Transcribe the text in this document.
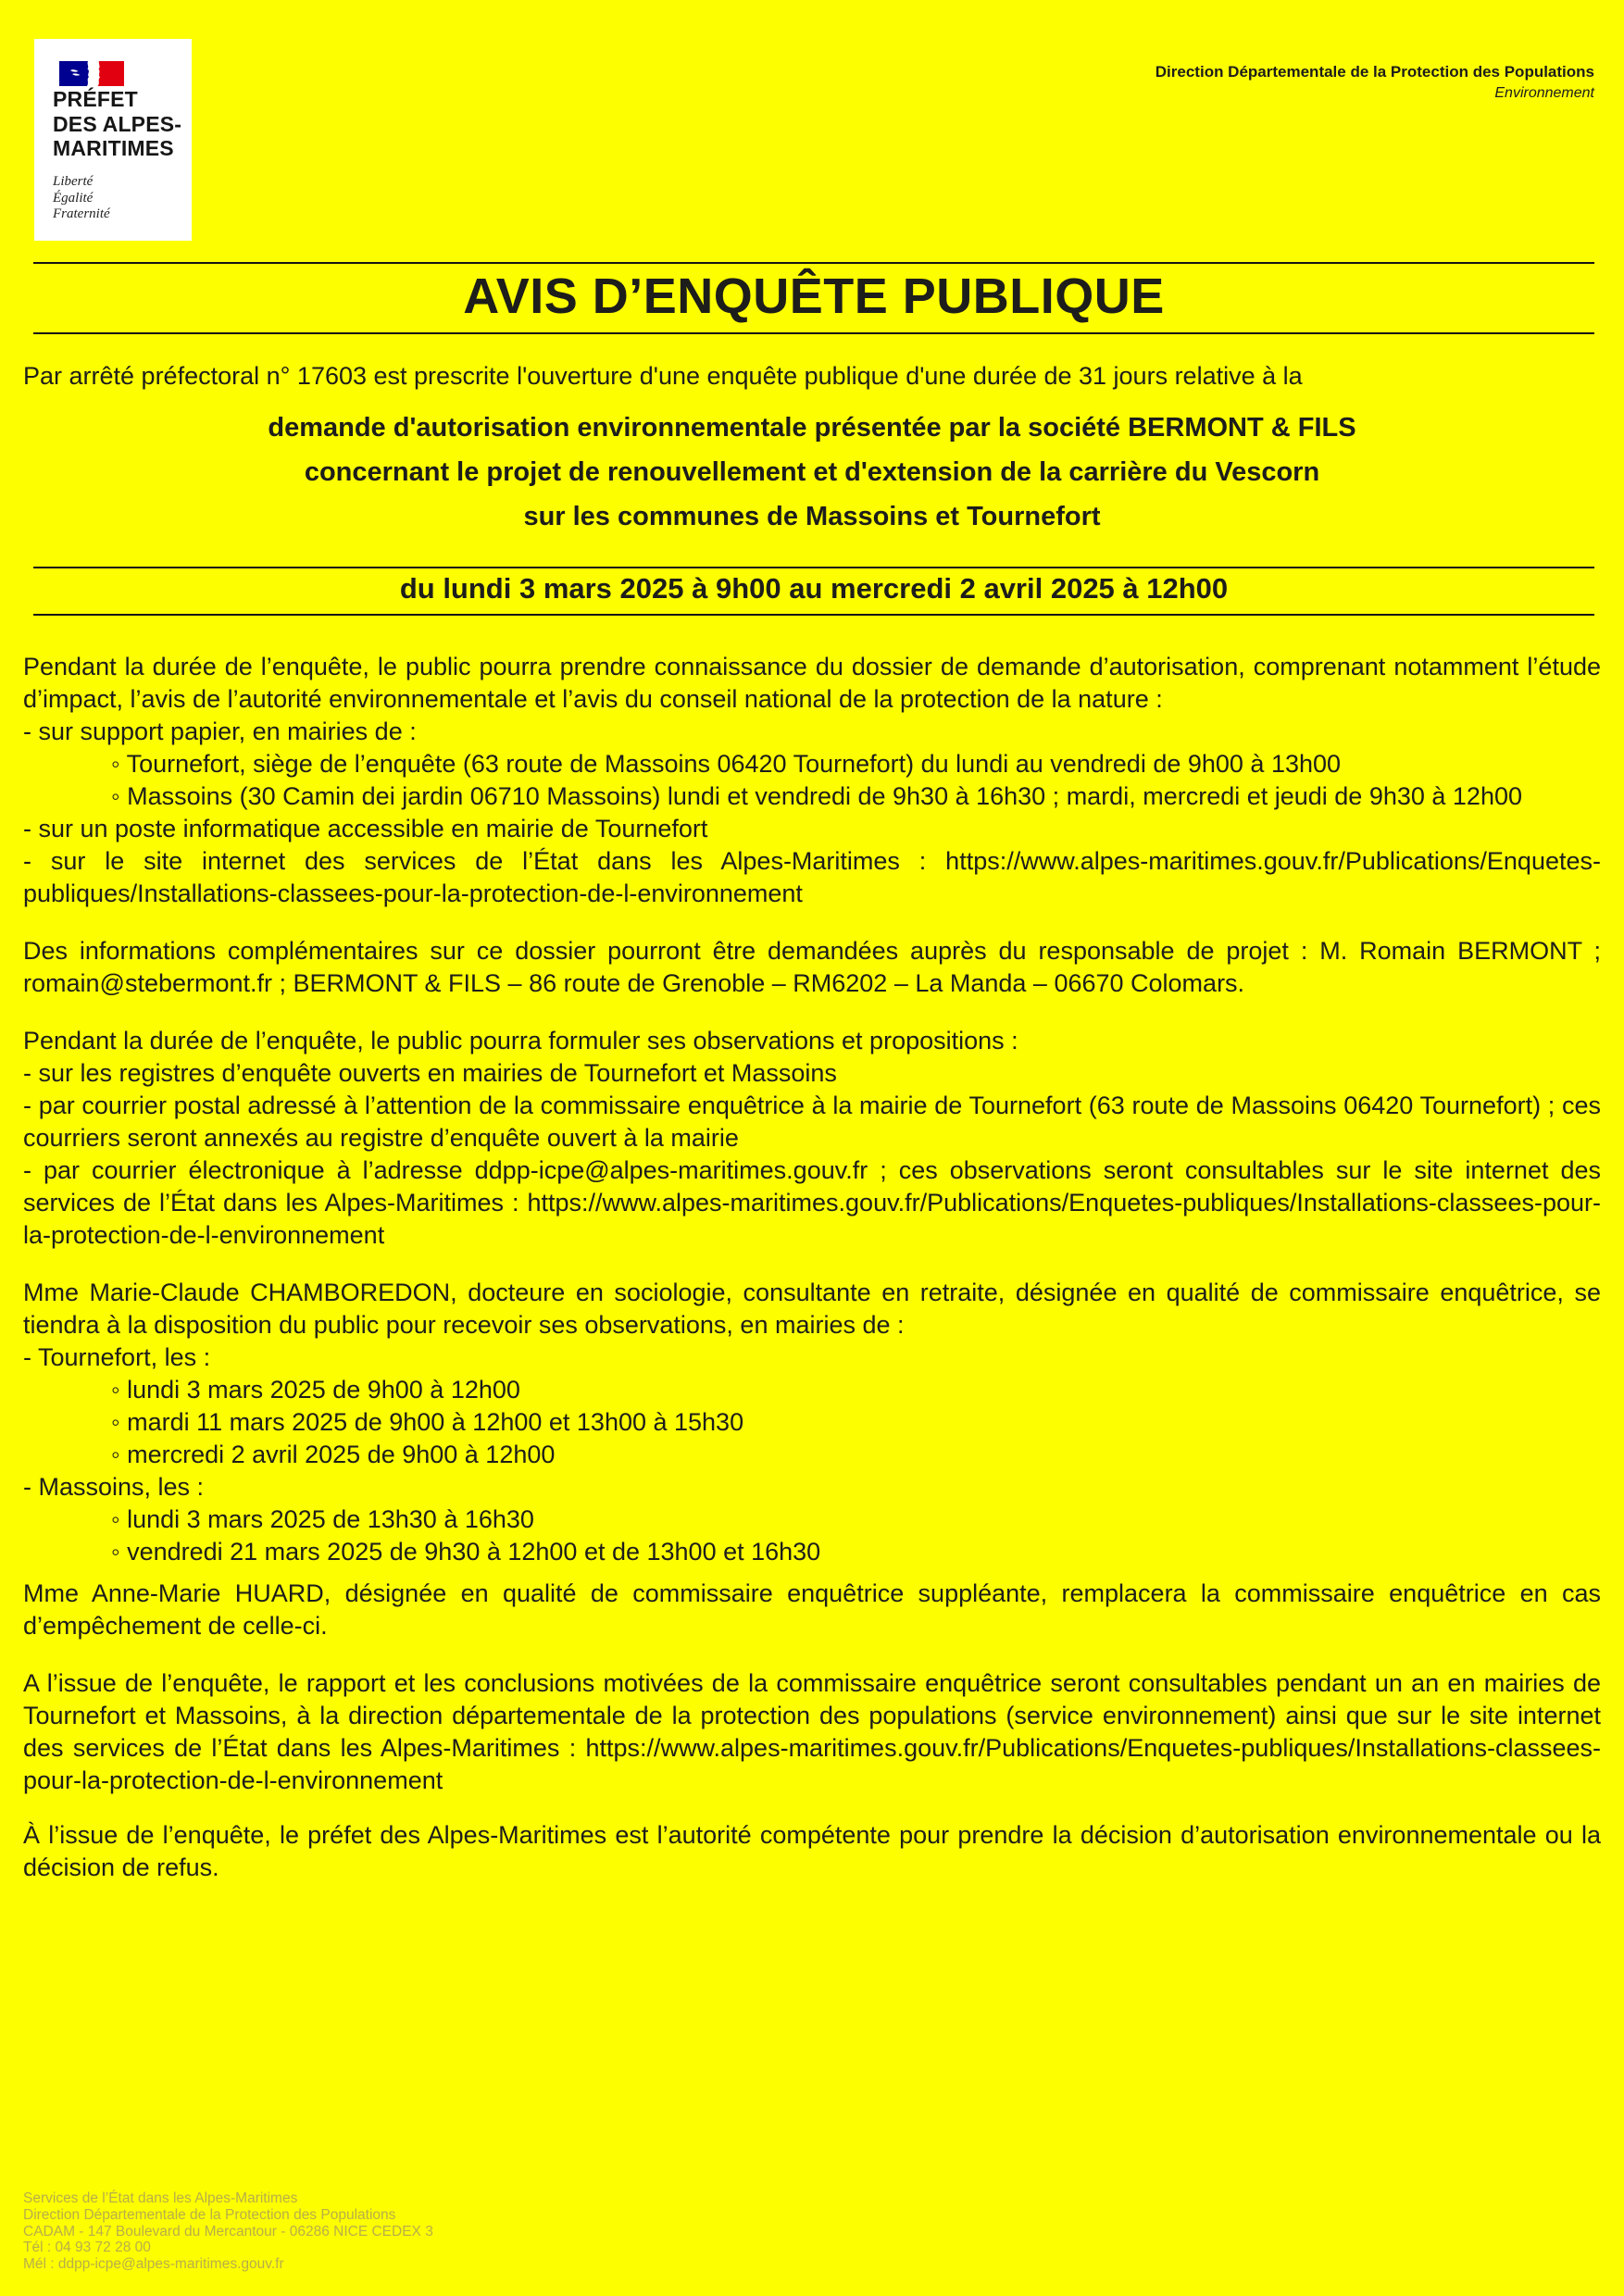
PRÉFET
DES ALPES-
MARITIMES
Liberté
Égalité
Fraternité
Direction Départementale de la Protection des Populations
Environnement
AVIS D’ENQUÊTE PUBLIQUE

Par arrêté préfectoral n° 17603 est prescrite l'ouverture d'une enquête publique d'une durée de 31 jours relative à la

demande d'autorisation environnementale présentée par la société BERMONT & FILS
concernant le projet de renouvellement et d'extension de la carrière du Vescorn
sur les communes de Massoins et Tournefort
du lundi 3 mars 2025 à 9h00 au mercredi 2 avril 2025 à 12h00

Pendant la durée de l’enquête, le public pourra prendre connaissance du dossier de demande d’autorisation, comprenant notamment l’étude d’impact, l’avis de l’autorité environnementale et l’avis du conseil national de la protection de la nature :

- sur support papier, en mairies de :

◦ Tournefort, siège de l’enquête (63 route de Massoins 06420 Tournefort) du lundi au vendredi de 9h00 à 13h00
◦ Massoins (30 Camin dei jardin 06710 Massoins) lundi et vendredi de 9h30 à 16h30 ; mardi, mercredi et jeudi de 9h30 à 12h00

- sur un poste informatique accessible en mairie de Tournefort

- sur le site internet des services de l’État dans les Alpes-Maritimes : https://www.alpes-maritimes.gouv.fr/Publications​/Enquetes-publiques/Installations-classees-pour-la-protection-de-l-environnement

Des informations complémentaires sur ce dossier pourront être demandées auprès du responsable de projet : M. Romain BERMONT ; romain@stebermont.fr ; BERMONT & FILS – 86 route de Grenoble – RM6202 – La Manda – 06670 Colomars.

Pendant la durée de l’enquête, le public pourra formuler ses observations et propositions :

- sur les registres d’enquête ouverts en mairies de Tournefort et Massoins

- par courrier postal adressé à l’attention de la commissaire enquêtrice à la mairie de Tournefort (63 route de Massoins 06420 Tournefort) ; ces courriers seront annexés au registre d’enquête ouvert à la mairie

- par courrier électronique à l’adresse ddpp-icpe@alpes-maritimes.gouv.fr ; ces observations seront consultables sur le site internet des services de l’État dans les Alpes-Maritimes : https://www.alpes-maritimes.gouv.fr/Publications​/Enquetes-publiques/Installations-classees-pour-la-protection-de-l-environnement

Mme Marie-Claude CHAMBOREDON, docteure en sociologie, consultante en retraite, désignée en qualité de commissaire enquêtrice, se tiendra à la disposition du public pour recevoir ses observations, en mairies de :

- Tournefort, les :

◦ lundi 3 mars 2025 de 9h00 à 12h00
◦ mardi 11 mars 2025 de 9h00 à 12h00 et 13h00 à 15h30
◦ mercredi 2 avril 2025 de 9h00 à 12h00

- Massoins, les :

◦ lundi 3 mars 2025 de 13h30 à 16h30
◦ vendredi 21 mars 2025 de 9h30 à 12h00 et de 13h00 et 16h30

Mme Anne-Marie HUARD, désignée en qualité de commissaire enquêtrice suppléante, remplacera la commissaire enquêtrice en cas d’empêchement de celle-ci.

A l’issue de l’enquête, le rapport et les conclusions motivées de la commissaire enquêtrice seront consultables pendant un an en mairies de Tournefort et Massoins, à la direction départementale de la protection des populations (service environnement) ainsi que sur le site internet des services de l’État dans les Alpes-Maritimes : https://www.alpes-​maritimes.gouv.fr/Publications/Enquetes-publiques/Installations-classees-pour-la-protection-de-l-environnement

À l’issue de l’enquête, le préfet des Alpes-Maritimes est l’autorité compétente pour prendre la décision d’autorisation environnementale ou la décision de refus.

Services de l’État dans les Alpes-Maritimes
Direction Départementale de la Protection des Populations
CADAM - 147 Boulevard du Mercantour - 06286 NICE CEDEX 3
Tél : 04 93 72 28 00
Mél : ddpp-icpe@alpes-maritimes.gouv.fr
